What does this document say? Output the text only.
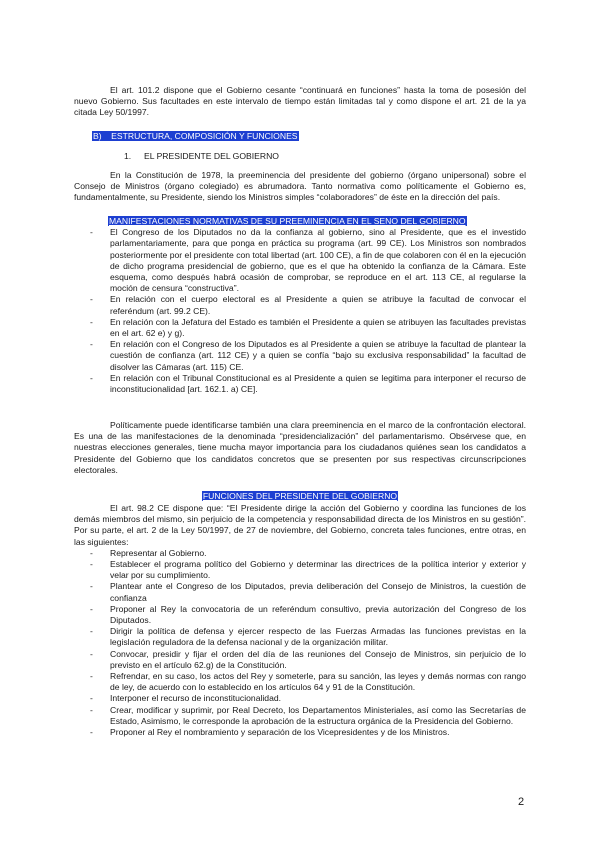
El art. 101.2 dispone que el Gobierno cesante “continuará en funciones” hasta la toma de posesión del nuevo Gobierno. Sus facultades en este intervalo de tiempo están limitadas tal y como dispone el art. 21 de la ya citada Ley 50/1997.

B) ESTRUCTURA, COMPOSICIÓN Y FUNCIONES
1. EL PRESIDENTE DEL GOBIERNO

En la Constitución de 1978, la preeminencia del presidente del gobierno (órgano unipersonal) sobre el Consejo de Ministros (órgano colegiado) es abrumadora. Tanto normativa como políticamente el Gobierno es, fundamentalmente, su Presidente, siendo los Ministros simples “colaboradores” de éste en la dirección del país.

MANIFESTACIONES NORMATIVAS DE SU PREEMINENCIA EN EL SENO DEL GOBIERNO
- El Congreso de los Diputados no da la confianza al gobierno, sino al Presidente, que es el investido parlamentariamente, para que ponga en práctica su programa (art. 99 CE). Los Ministros son nombrados posteriormente por el presidente con total libertad (art. 100 CE), a fin de que colaboren con él en la ejecución de dicho programa presidencial de gobierno, que es el que ha obtenido la confianza de la Cámara. Este esquema, como después habrá ocasión de comprobar, se reproduce en el art. 113 CE, al regularse la moción de censura “constructiva”.
- En relación con el cuerpo electoral es al Presidente a quien se atribuye la facultad de convocar el referéndum (art. 99.2 CE).
- En relación con la Jefatura del Estado es también el Presidente a quien se atribuyen las facultades previstas en el art. 62 e) y g).
- En relación con el Congreso de los Diputados es al Presidente a quien se atribuye la facultad de plantear la cuestión de confianza (art. 112 CE) y a quien se confía “bajo su exclusiva responsabilidad” la facultad de disolver las Cámaras (art. 115) CE.
- En relación con el Tribunal Constitucional es al Presidente a quien se legitima para interponer el recurso de inconstitucionalidad [art. 162.1. a) CE].

Políticamente puede identificarse también una clara preeminencia en el marco de la confrontación electoral. Es una de las manifestaciones de la denominada “presidencialización” del parlamentarismo. Obsérvese que, en nuestras elecciones generales, tiene mucha mayor importancia para los ciudadanos quiénes sean los candidatos a Presidente del Gobierno que los candidatos concretos que se presenten por sus respectivas circunscripciones electorales.

FUNCIONES DEL PRESIDENTE DEL GOBIERNO

El art. 98.2 CE dispone que: “El Presidente dirige la acción del Gobierno y coordina las funciones de los demás miembros del mismo, sin perjuicio de la competencia y responsabilidad directa de los Ministros en su gestión”. Por su parte, el art. 2 de la Ley 50/1997, de 27 de noviembre, del Gobierno, concreta tales funciones, entre otras, en las siguientes:

- Representar al Gobierno.
- Establecer el programa político del Gobierno y determinar las directrices de la política interior y exterior y velar por su cumplimiento.
- Plantear ante el Congreso de los Diputados, previa deliberación del Consejo de Ministros, la cuestión de confianza
- Proponer al Rey la convocatoria de un referéndum consultivo, previa autorización del Congreso de los Diputados.
- Dirigir la política de defensa y ejercer respecto de las Fuerzas Armadas las funciones previstas en la legislación reguladora de la defensa nacional y de la organización militar.
- Convocar, presidir y fijar el orden del día de las reuniones del Consejo de Ministros, sin perjuicio de lo previsto en el artículo 62.g) de la Constitución.
- Refrendar, en su caso, los actos del Rey y someterle, para su sanción, las leyes y demás normas con rango de ley, de acuerdo con lo establecido en los artículos 64 y 91 de la Constitución.
- Interponer el recurso de inconstitucionalidad.
- Crear, modificar y suprimir, por Real Decreto, los Departamentos Ministeriales, así como las Secretarías de Estado, Asimismo, le corresponde la aprobación de la estructura orgánica de la Presidencia del Gobierno.
- Proponer al Rey el nombramiento y separación de los Vicepresidentes y de los Ministros.
2
